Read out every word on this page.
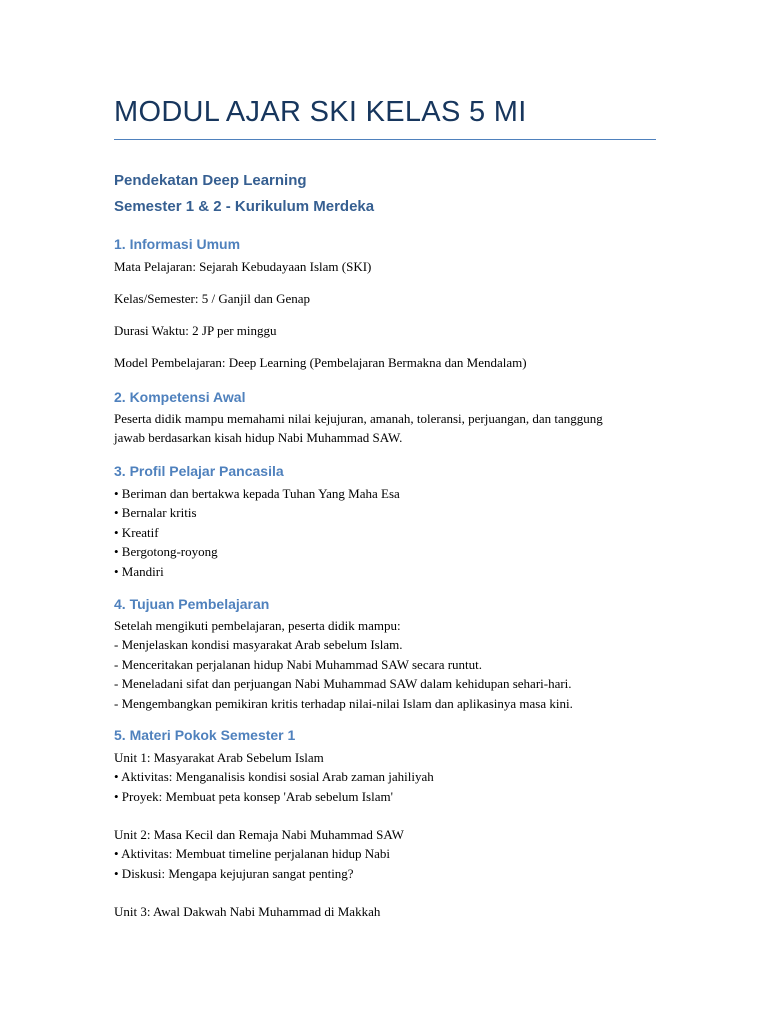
MODUL AJAR SKI KELAS 5 MI

Pendekatan Deep Learning

Semester 1 & 2 - Kurikulum Merdeka

1. Informasi Umum

Mata Pelajaran: Sejarah Kebudayaan Islam (SKI)

Kelas/Semester: 5 / Ganjil dan Genap

Durasi Waktu: 2 JP per minggu

Model Pembelajaran: Deep Learning (Pembelajaran Bermakna dan Mendalam)

2. Kompetensi Awal

Peserta didik mampu memahami nilai kejujuran, amanah, toleransi, perjuangan, dan tanggung jawab berdasarkan kisah hidup Nabi Muhammad SAW.

3. Profil Pelajar Pancasila
• Beriman dan bertakwa kepada Tuhan Yang Maha Esa
• Bernalar kritis
• Kreatif
• Bergotong-royong
• Mandiri
4. Tujuan Pembelajaran
Setelah mengikuti pembelajaran, peserta didik mampu:
- Menjelaskan kondisi masyarakat Arab sebelum Islam.
- Menceritakan perjalanan hidup Nabi Muhammad SAW secara runtut.
- Meneladani sifat dan perjuangan Nabi Muhammad SAW dalam kehidupan sehari-hari.
- Mengembangkan pemikiran kritis terhadap nilai-nilai Islam dan aplikasinya masa kini.
5. Materi Pokok Semester 1
Unit 1: Masyarakat Arab Sebelum Islam
• Aktivitas: Menganalisis kondisi sosial Arab zaman jahiliyah
• Proyek: Membuat peta konsep 'Arab sebelum Islam'
Unit 2: Masa Kecil dan Remaja Nabi Muhammad SAW
• Aktivitas: Membuat timeline perjalanan hidup Nabi
• Diskusi: Mengapa kejujuran sangat penting?
Unit 3: Awal Dakwah Nabi Muhammad di Makkah
